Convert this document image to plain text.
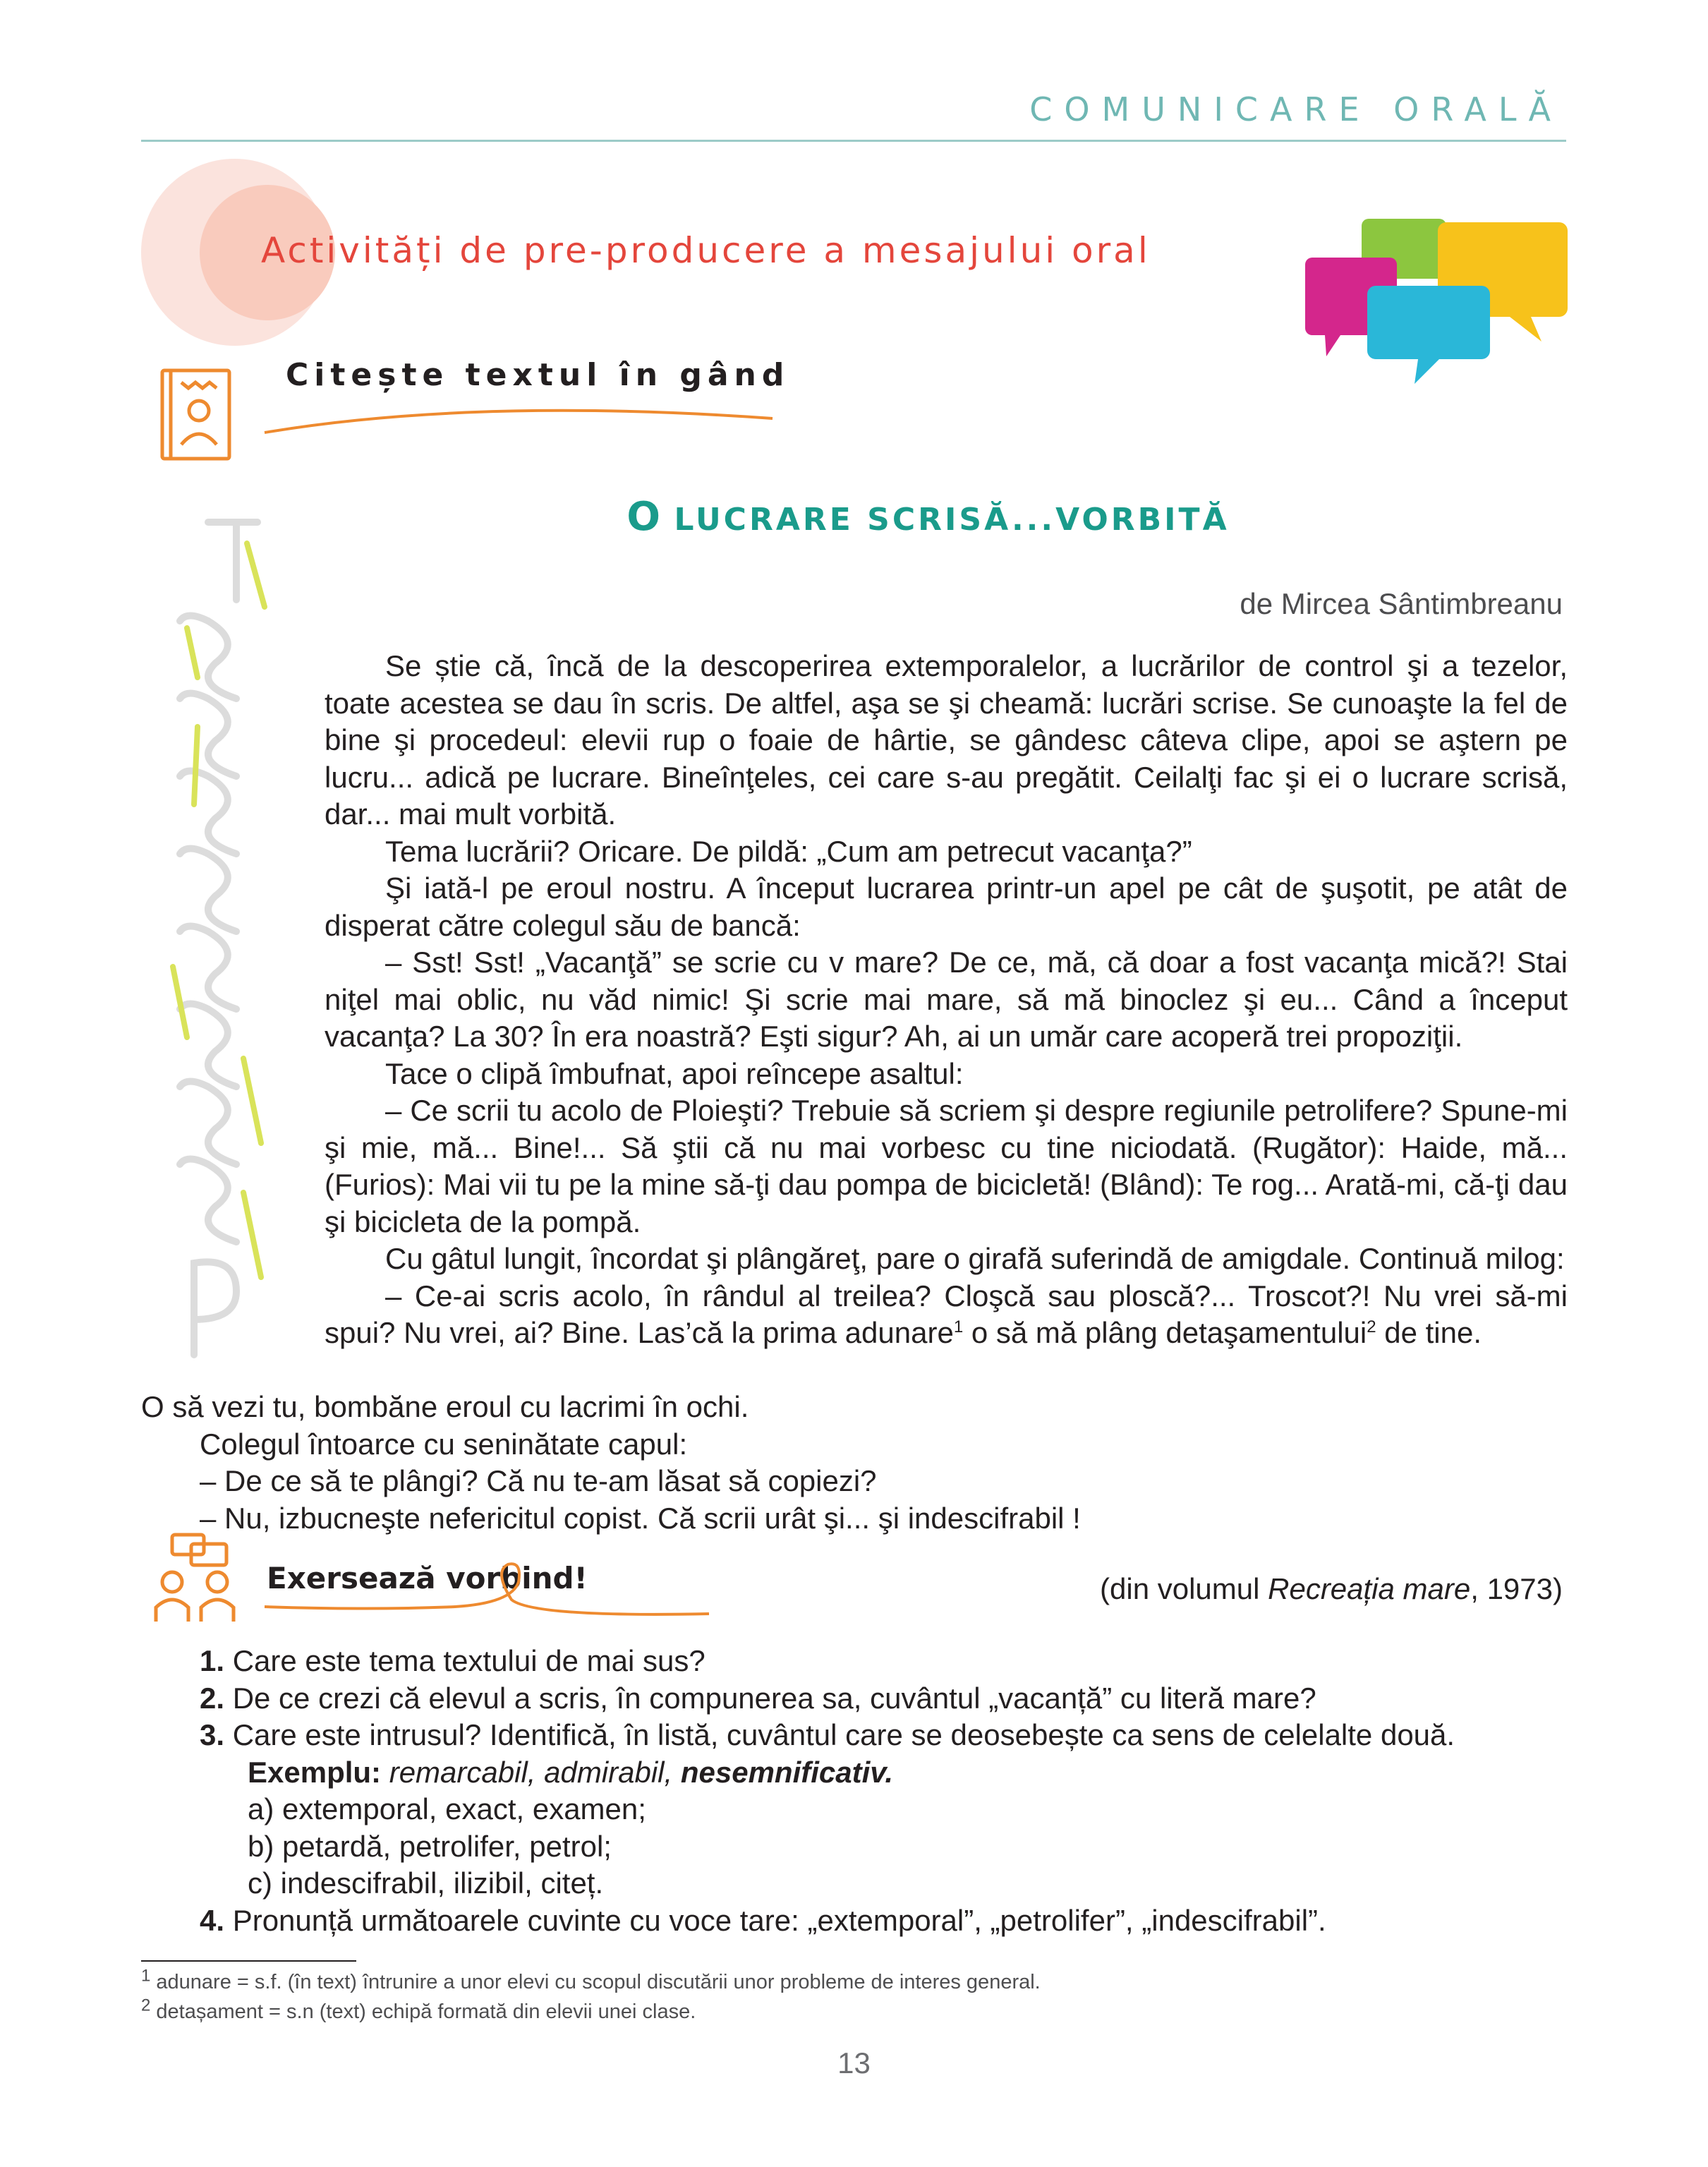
COMUNICARE ORALĂ
Activități de pre-producere a mesajului oral
Citește textul în gând
O LUCRARE SCRISĂ...VORBITĂ
de Mircea Sântimbreanu

Se știe că, încă de la descoperirea extemporalelor, a lucrărilor de control şi a tezelor, toate acestea se dau în scris. De altfel, aşa se şi cheamă: lucrări scrise. Se cunoaşte la fel de bine şi procedeul: elevii rup o foaie de hârtie, se gândesc câteva clipe, apoi se aştern pe lucru... adică pe lucrare. Bineînţeles, cei care s-au pregătit. Ceilalţi fac şi ei o lucrare scrisă, dar... mai mult vorbită.

Tema lucrării? Oricare. De pildă: „Cum am petrecut vacanţa?”

Şi iată-l pe eroul nostru. A început lucrarea printr-un apel pe cât de şuşotit, pe atât de disperat către colegul său de bancă:

– Sst! Sst! „Vacanţă” se scrie cu v mare? De ce, mă, că doar a fost vacanţa mică?! Stai niţel mai oblic, nu văd nimic! Şi scrie mai mare, să mă binoclez şi eu... Când a început vacanţa? La 30? În era noastră? Eşti sigur? Ah, ai un umăr care acoperă trei propoziţii.

Tace o clipă îmbufnat, apoi reîncepe asaltul:

– Ce scrii tu acolo de Ploieşti? Trebuie să scriem şi despre regiunile petrolifere? Spune-mi şi mie, mă... Bine!... Să ştii că nu mai vorbesc cu tine niciodată. (Rugător): Haide, mă... (Furios): Mai vii tu pe la mine să-ţi dau pompa de bicicletă! (Blând): Te rog... Arată-mi, că-ţi dau şi bicicleta de la pompă.

Cu gâtul lungit, încordat şi plângăreţ, pare o girafă suferindă de amigdale. Continuă milog:

– Ce-ai scris acolo, în rândul al treilea? Cloşcă sau ploscă?... Troscot?! Nu vrei să-mi spui? Nu vrei, ai? Bine. Las’că la prima adunare$^1$ o să mă plâng detaşamentului$^2$ de tine.

O să vezi tu, bombăne eroul cu lacrimi în ochi.

Colegul întoarce cu seninătate capul:

– De ce să te plângi? Că nu te-am lăsat să copiezi?

– Nu, izbucneşte nefericitul copist. Că scrii urât şi... şi indescifrabil !

Exersează vorbind!	(din volumul Recreația mare, 1973)

1. Care este tema textului de mai sus?

2. De ce crezi că elevul a scris, în compunerea sa, cuvântul „vacanță” cu literă mare?

3. Care este intrusul? Identifică, în listă, cuvântul care se deosebește ca sens de celelalte două.

Exemplu: remarcabil, admirabil, nesemnificativ.

a) extemporal, exact, examen;

b) petardă, petrolifer, petrol;

c) indescifrabil, ilizibil, citeț.

4. Pronunță următoarele cuvinte cu voce tare: „extemporal”, „petrolifer”, „indescifrabil”.

$^1$ adunare = s.f. (în text) întrunire a unor elevi cu scopul discutării unor probleme de interes general.

$^2$ detașament = s.n (text) echipă formată din elevii unei clase.

13
